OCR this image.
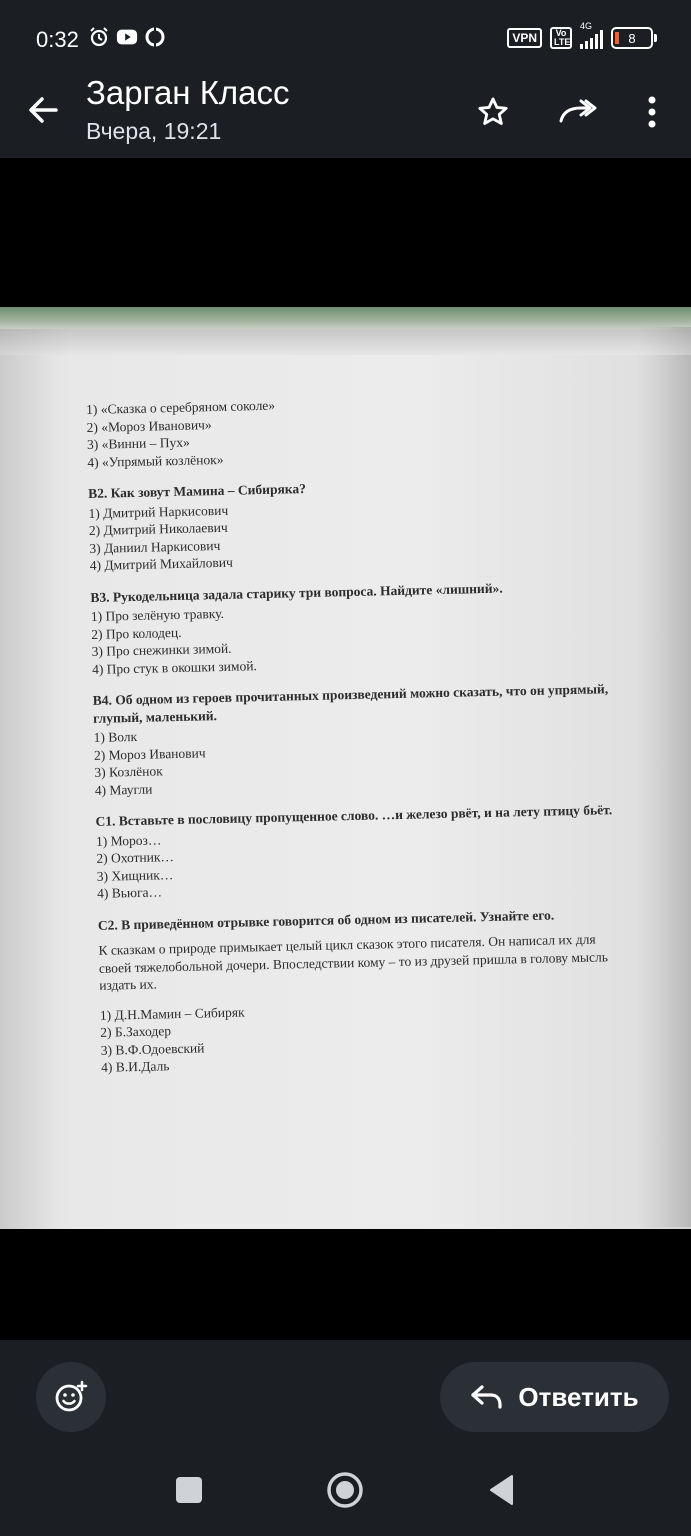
0:32	VPN	Vo LTE
4G
8
Зарган Класс
Вчера, 19:21
1) «Сказка о серебряном соколе»
2) «Мороз Иванович»
3) «Винни – Пух»
4) «Упрямый козлёнок»
В2. Как зовут Мамина – Сибиряка?
1) Дмитрий Наркисович
2) Дмитрий Николаевич
3) Даниил Наркисович
4) Дмитрий Михайлович
В3. Рукодельница задала старику три вопроса. Найдите «лишний».
1) Про зелёную травку.
2) Про колодец.
3) Про снежинки зимой.
4) Про стук в окошки зимой.
В4. Об одном из героев прочитанных произведений можно сказать, что он упрямый, глупый, маленький.
1) Волк
2) Мороз Иванович
3) Козлёнок
4) Маугли
С1. Вставьте в пословицу пропущенное слово. …и железо рвёт, и на лету птицу бьёт.
1) Мороз…
2) Охотник…
3) Хищник…
4) Вьюга…
С2. В приведённом отрывке говорится об одном из писателей. Узнайте его.
К сказкам о природе примыкает целый цикл сказок этого писателя. Он написал их для своей тяжелобольной дочери. Впоследствии кому – то из друзей пришла в голову мысль издать их.
1) Д.Н.Мамин – Сибиряк
2) Б.Заходер
3) В.Ф.Одоевский
4) В.И.Даль
Ответить
